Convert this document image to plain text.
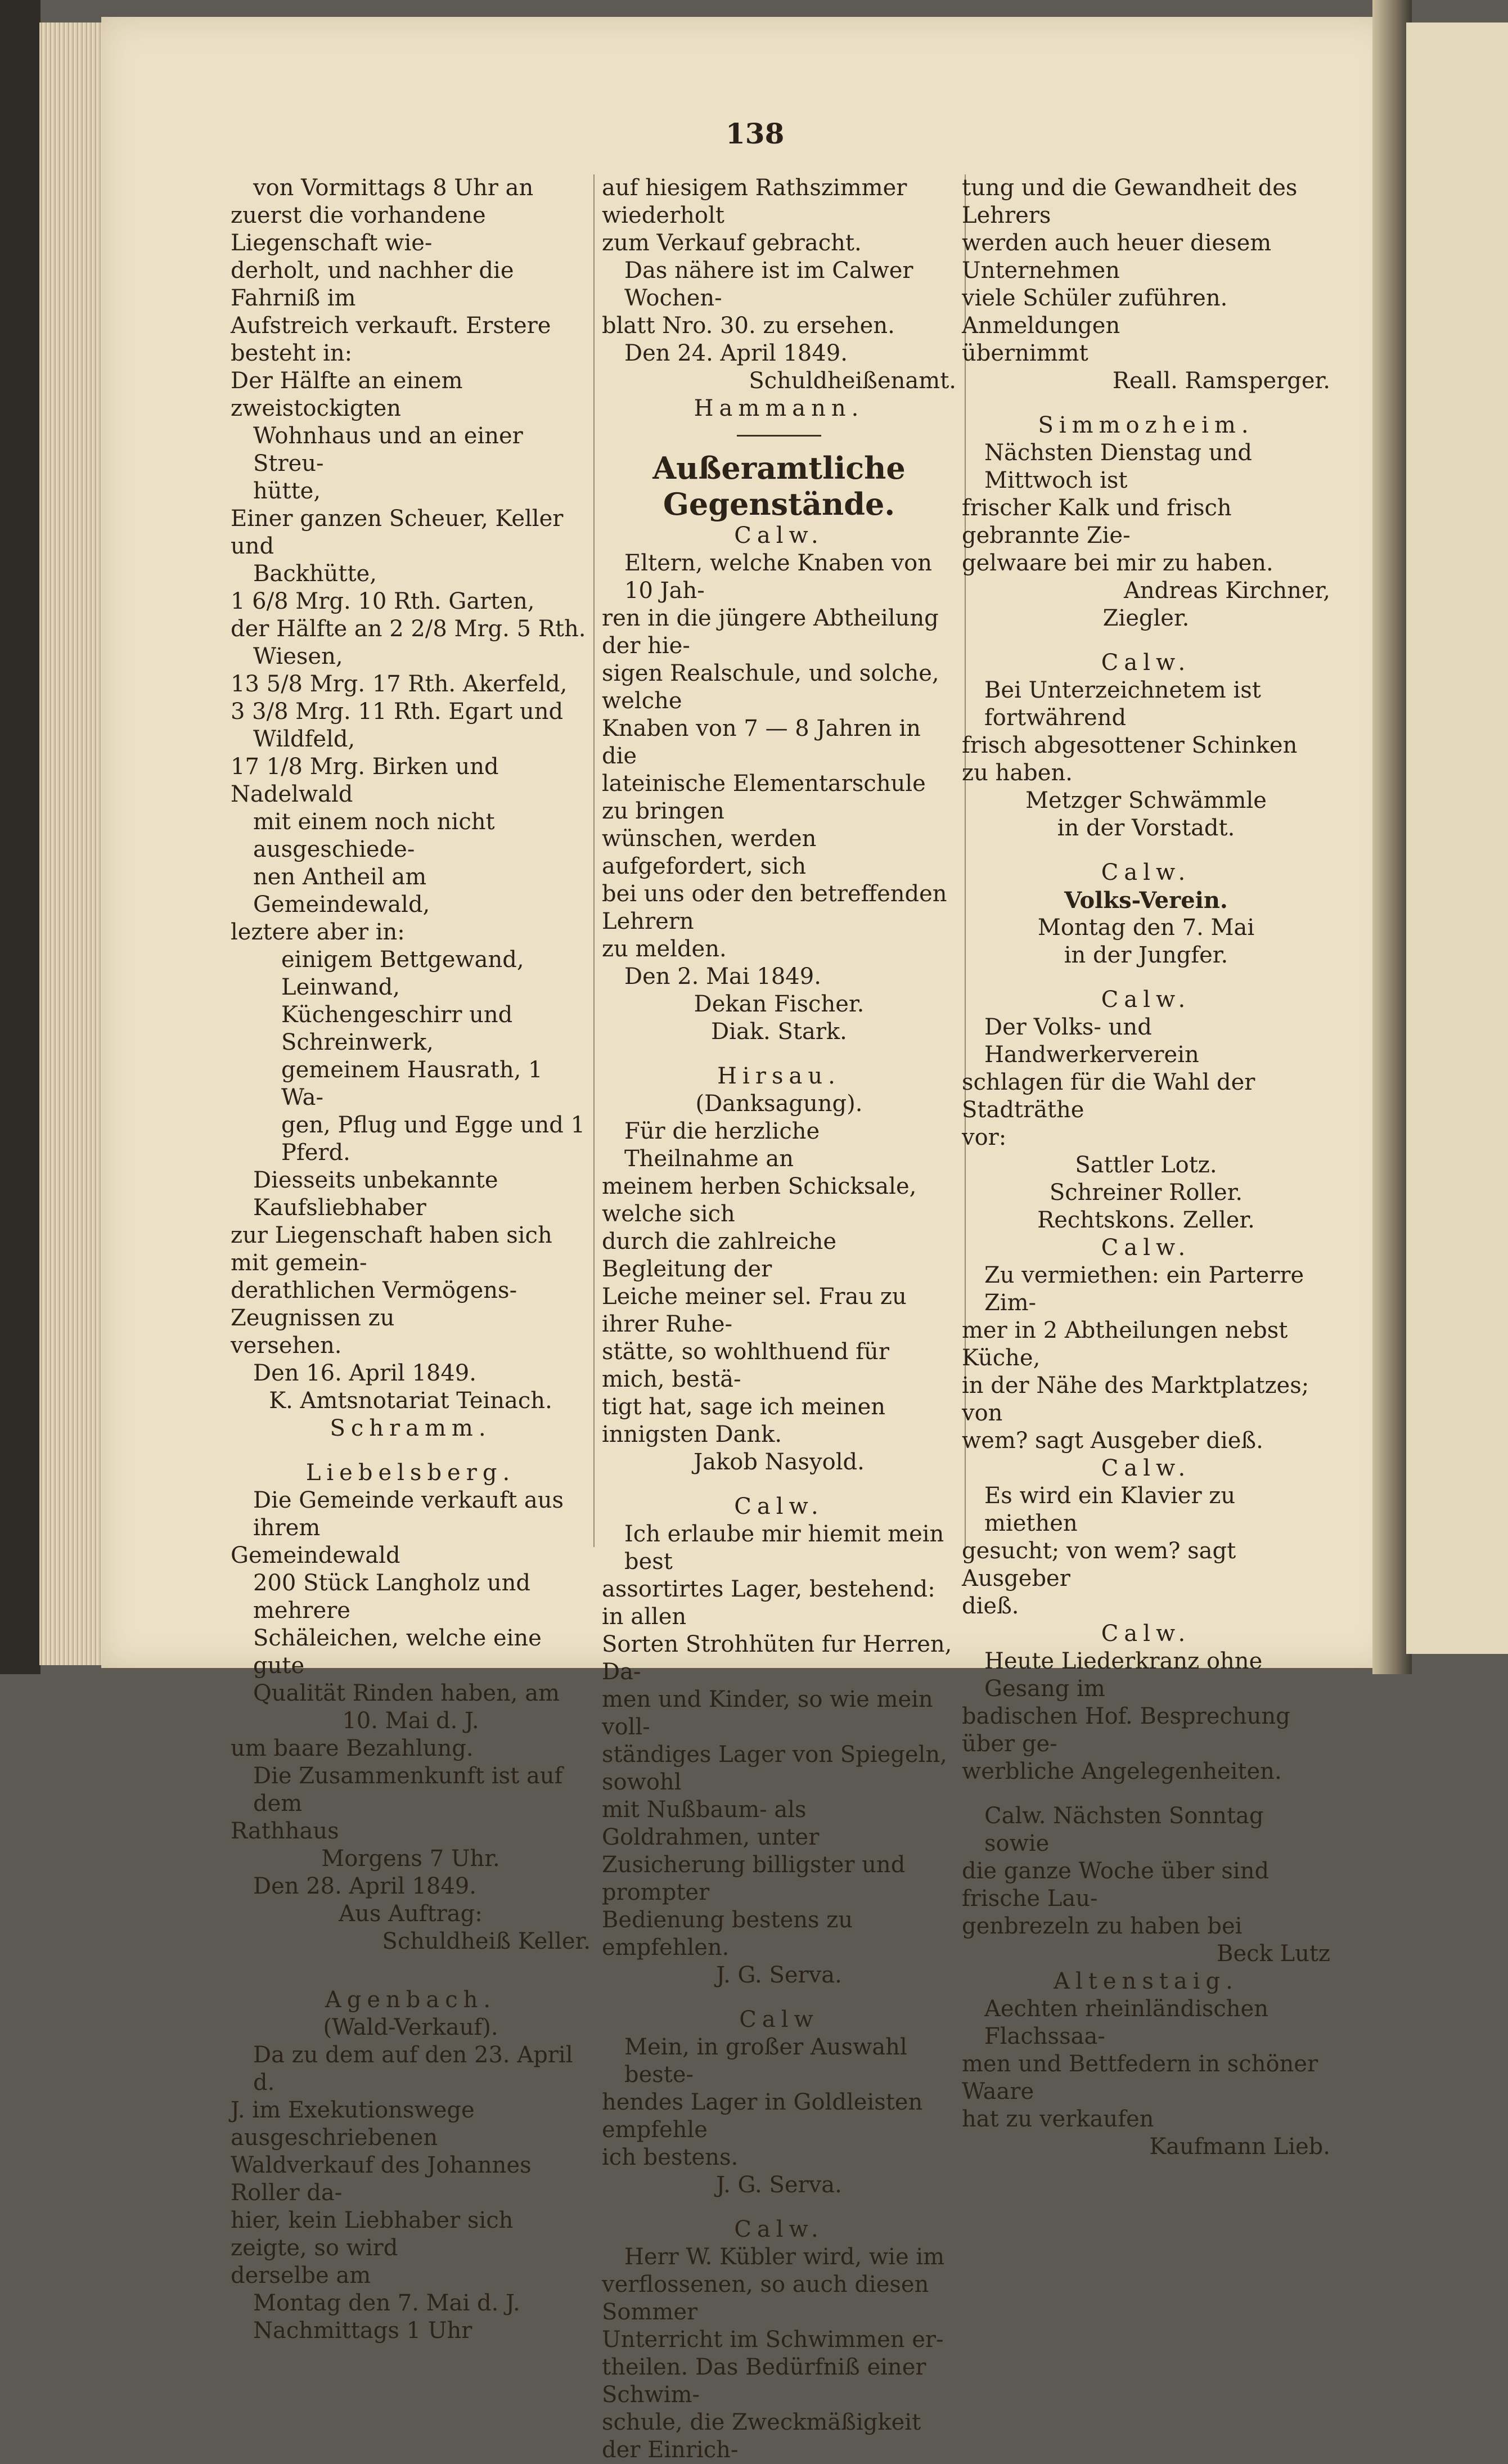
138

von Vormittags 8 Uhr an

zuerst die vorhandene Liegenschaft wie-

derholt, und nachher die Fahrniß im

Aufstreich verkauft. Erstere besteht in:

Der Hälfte an einem zweistockigten

Wohnhaus und an einer Streu-

hütte,

Einer ganzen Scheuer, Keller und

Backhütte,

1 6/8 Mrg. 10 Rth. Garten,

der Hälfte an 2 2/8 Mrg. 5 Rth.

Wiesen,

13 5/8 Mrg. 17 Rth. Akerfeld,

3 3/8 Mrg. 11 Rth. Egart und

Wildfeld,

17 1/8 Mrg. Birken und Nadelwald

mit einem noch nicht ausgeschiede-

nen Antheil am Gemeindewald,

leztere aber in:

einigem Bettgewand, Leinwand,

Küchengeschirr und Schreinwerk,

gemeinem Hausrath, 1 Wa-

gen, Pflug und Egge und 1

Pferd.

Diesseits unbekannte Kaufsliebhaber

zur Liegenschaft haben sich mit gemein-

derathlichen Vermögens-Zeugnissen zu

versehen.

Den 16. April 1849.

K. Amtsnotariat Teinach.

Schramm.

Liebelsberg.

Die Gemeinde verkauft aus ihrem

Gemeindewald

200 Stück Langholz und mehrere

Schäleichen, welche eine gute

Qualität Rinden haben, am

10. Mai d. J.

um baare Bezahlung.

Die Zusammenkunft ist auf dem

Rathhaus

Morgens 7 Uhr.

Den 28. April 1849.

Aus Auftrag:

Schuldheiß Keller.

Agenbach.

(Wald-Verkauf).

Da zu dem auf den 23. April d.

J. im Exekutionswege ausgeschriebenen

Waldverkauf des Johannes Roller da-

hier, kein Liebhaber sich zeigte, so wird

derselbe am

Montag den 7. Mai d. J.

Nachmittags 1 Uhr

auf hiesigem Rathszimmer wiederholt

zum Verkauf gebracht.

Das nähere ist im Calwer Wochen-

blatt Nro. 30. zu ersehen.

Den 24. April 1849.

Schuldheißenamt.

Hammann.

Außeramtliche Gegenstände.

Calw.

Eltern, welche Knaben von 10 Jah-

ren in die jüngere Abtheilung der hie-

sigen Realschule, und solche, welche

Knaben von 7 — 8 Jahren in die

lateinische Elementarschule zu bringen

wünschen, werden aufgefordert, sich

bei uns oder den betreffenden Lehrern

zu melden.

Den 2. Mai 1849.

Dekan Fischer.

Diak. Stark.

Hirsau.

(Danksagung).

Für die herzliche Theilnahme an

meinem herben Schicksale, welche sich

durch die zahlreiche Begleitung der

Leiche meiner sel. Frau zu ihrer Ruhe-

stätte, so wohlthuend für mich, bestä-

tigt hat, sage ich meinen innigsten Dank.

Jakob Nasyold.

Calw.

Ich erlaube mir hiemit mein best

assortirtes Lager, bestehend: in allen

Sorten Strohhüten fur Herren, Da-

men und Kinder, so wie mein voll-

ständiges Lager von Spiegeln, sowohl

mit Nußbaum- als Goldrahmen, unter

Zusicherung billigster und prompter

Bedienung bestens zu empfehlen.

J. G. Serva.

Calw

Mein, in großer Auswahl beste-

hendes Lager in Goldleisten empfehle

ich bestens.

J. G. Serva.

Calw.

Herr W. Kübler wird, wie im

verflossenen, so auch diesen Sommer

Unterricht im Schwimmen er-

theilen. Das Bedürfniß einer Schwim-

schule, die Zweckmäßigkeit der Einrich-

tung und die Gewandheit des Lehrers

werden auch heuer diesem Unternehmen

viele Schüler zuführen. Anmeldungen

übernimmt

Reall. Ramsperger.

Simmozheim.

Nächsten Dienstag und Mittwoch ist

frischer Kalk und frisch gebrannte Zie-

gelwaare bei mir zu haben.

Andreas Kirchner,

Ziegler.

Calw.

Bei Unterzeichnetem ist fortwährend

frisch abgesottener Schinken zu haben.

Metzger Schwämmle

in der Vorstadt.

Calw.

Volks-Verein.

Montag den 7. Mai

in der Jungfer.

Calw.

Der Volks- und Handwerkerverein

schlagen für die Wahl der Stadträthe

vor:

Sattler Lotz.

Schreiner Roller.

Rechtskons. Zeller.

Calw.

Zu vermiethen: ein Parterre Zim-

mer in 2 Abtheilungen nebst Küche,

in der Nähe des Marktplatzes; von

wem? sagt Ausgeber dieß.

Calw.

Es wird ein Klavier zu miethen

gesucht; von wem? sagt Ausgeber

dieß.

Calw.

Heute Liederkranz ohne Gesang im

badischen Hof. Besprechung über ge-

werbliche Angelegenheiten.

Calw. Nächsten Sonntag sowie

die ganze Woche über sind frische Lau-

genbrezeln zu haben bei

Beck Lutz

Altenstaig.

Aechten rheinländischen Flachssaa-

men und Bettfedern in schöner Waare

hat zu verkaufen

Kaufmann Lieb.
